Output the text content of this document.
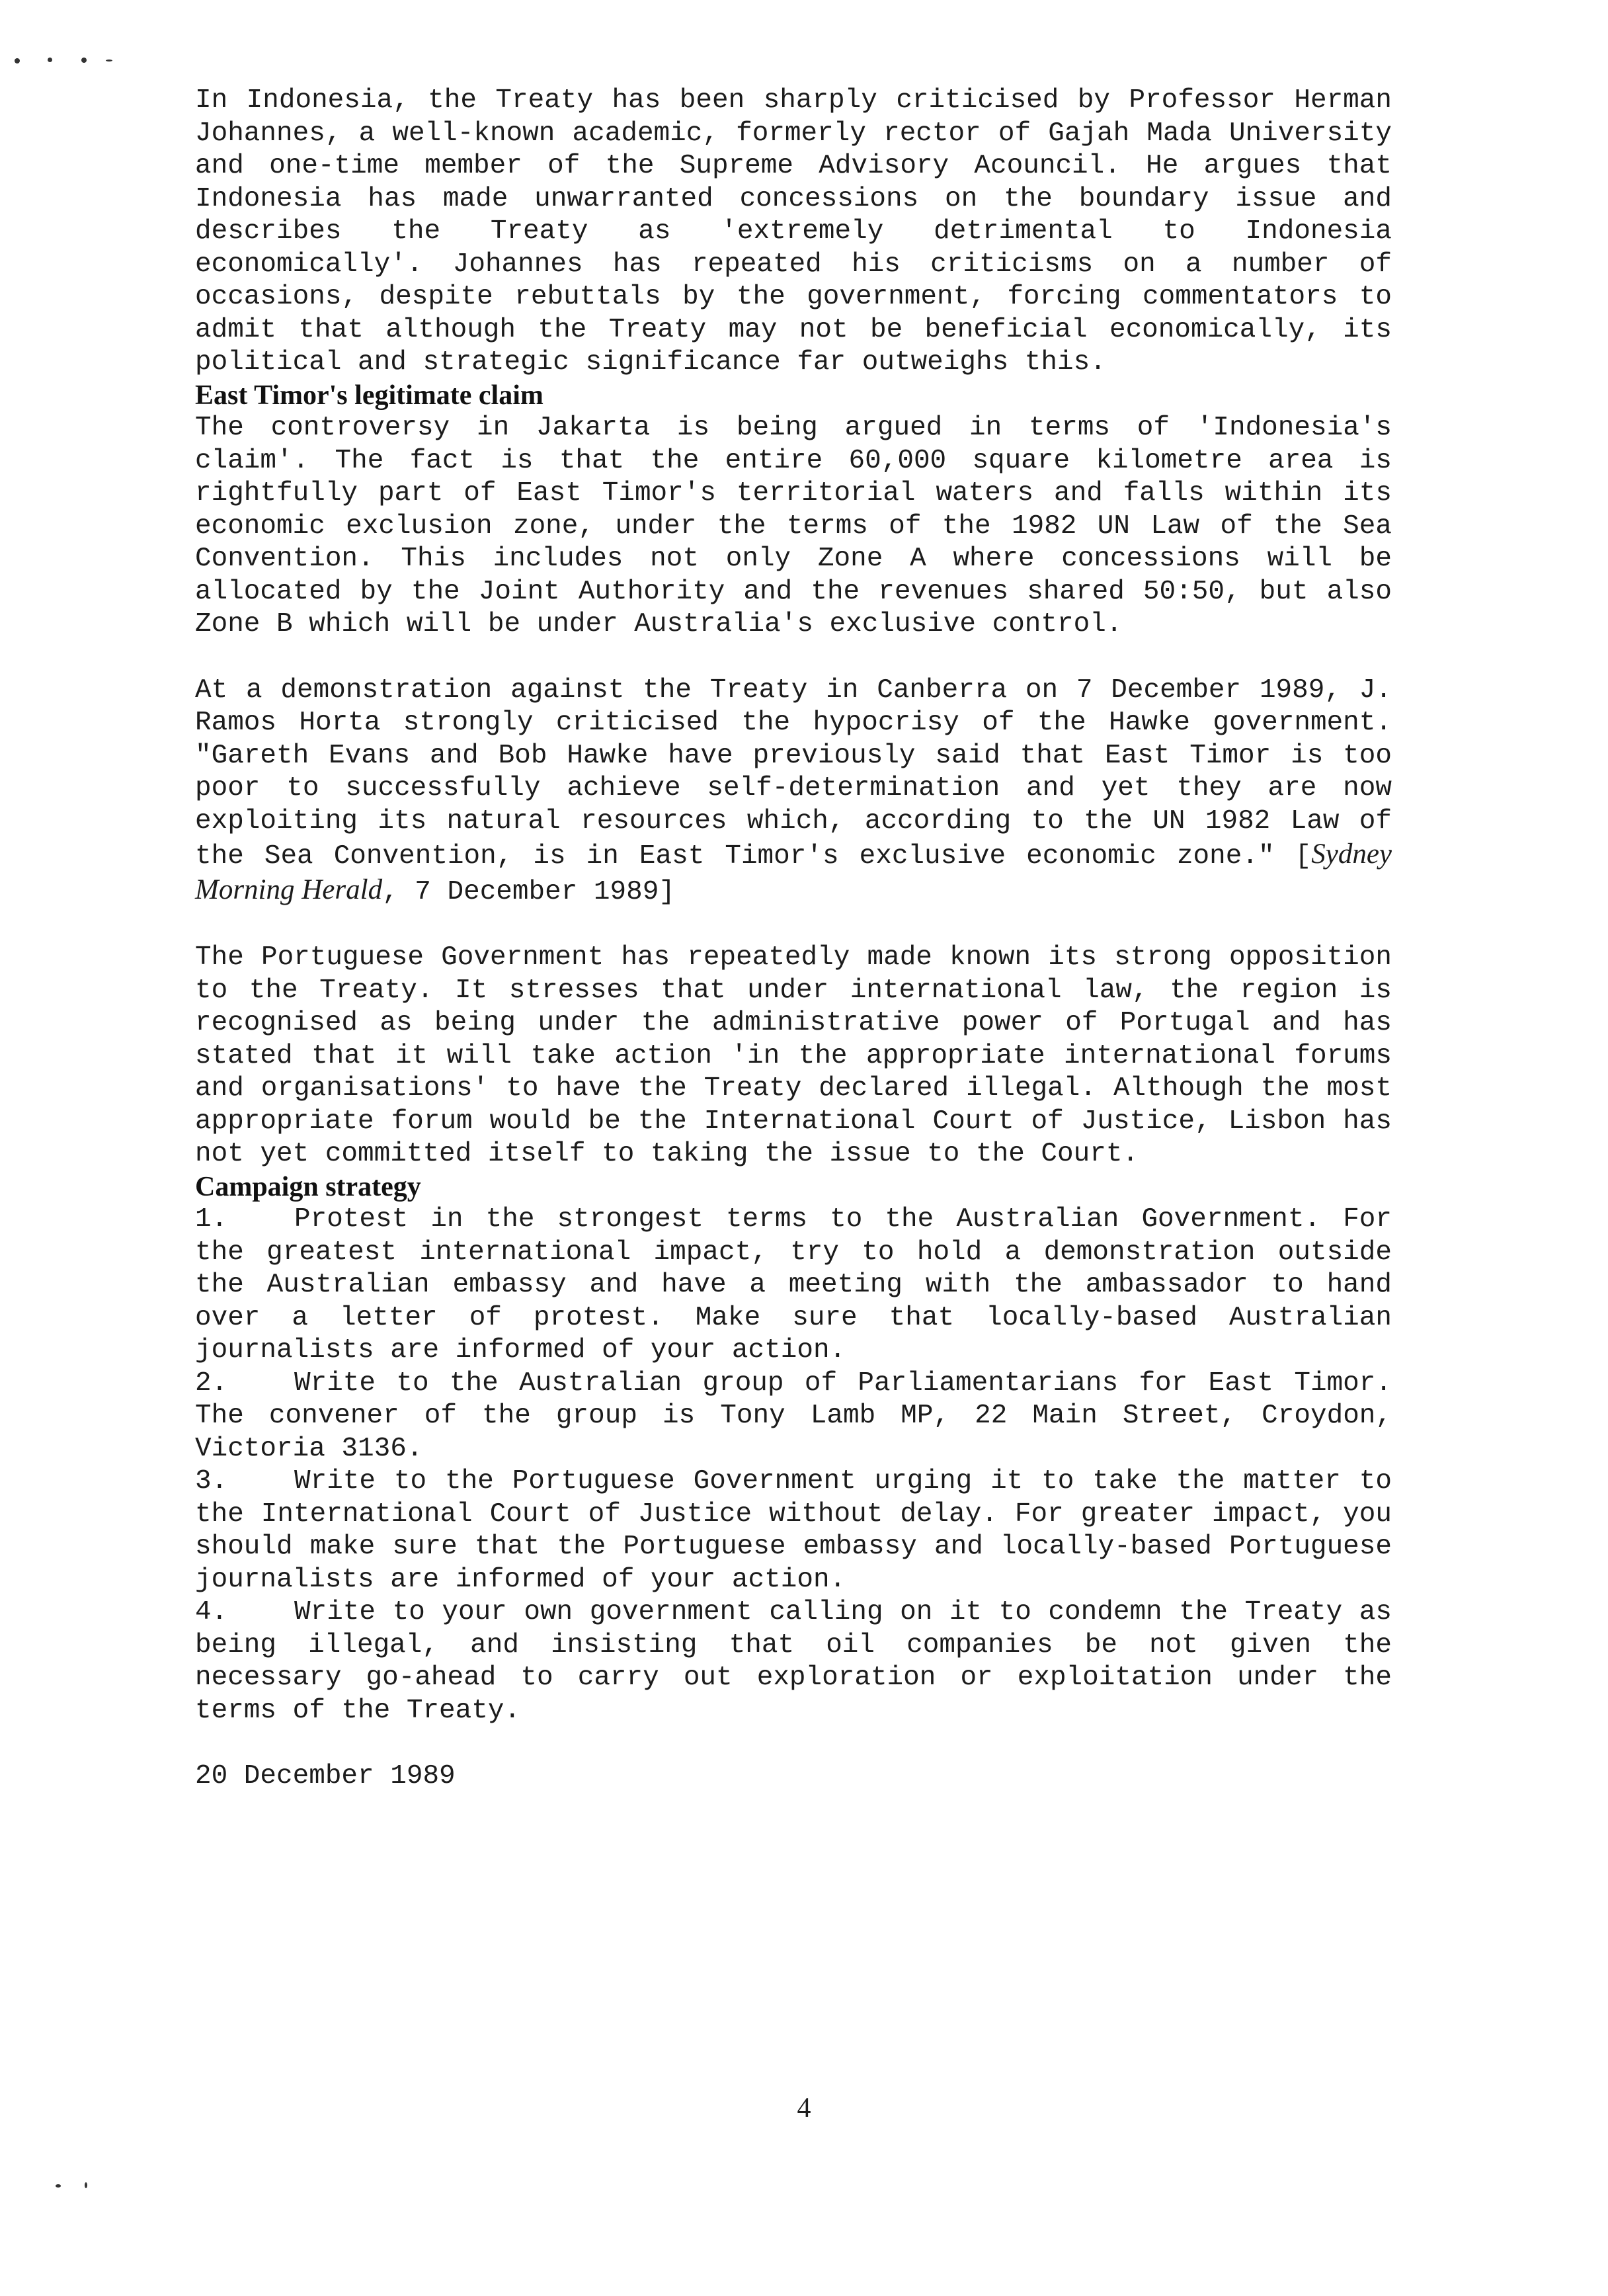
In Indonesia, the Treaty has been sharply criticised by Professor Herman Johannes, a well-known academic, formerly rector of Gajah Mada University and one-time member of the Supreme Advisory Acouncil. He argues that Indonesia has made unwarranted concessions on the boundary issue and describes the Treaty as 'extremely detrimental to Indonesia economically'. Johannes has repeated his criticisms on a number of occasions, despite rebuttals by the government, forcing commentators to admit that although the Treaty may not be beneficial economically, its political and strategic significance far outweighs this.

East Timor's legitimate claim

The controversy in Jakarta is being argued in terms of 'Indonesia's claim'. The fact is that the entire 60,000 square kilometre area is rightfully part of East Timor's territorial waters and falls within its economic exclusion zone, under the terms of the 1982 UN Law of the Sea Convention. This includes not only Zone A where concessions will be allocated by the Joint Authority and the revenues shared 50:50, but also Zone B which will be under Australia's exclusive control.

At a demonstration against the Treaty in Canberra on 7 December 1989, J. Ramos Horta strongly criticised the hypocrisy of the Hawke government. "Gareth Evans and Bob Hawke have previously said that East Timor is too poor to successfully achieve self-determination and yet they are now exploiting its natural resources which, according to the UN 1982 Law of the Sea Convention, is in East Timor's exclusive economic zone." [Sydney Morning Herald, 7 December 1989]

The Portuguese Government has repeatedly made known its strong opposition to the Treaty. It stresses that under international law, the region is recognised as being under the administrative power of Portugal and has stated that it will take action 'in the appropriate international forums and organisations' to have the Treaty declared illegal. Although the most appropriate forum would be the International Court of Justice, Lisbon has not yet committed itself to taking the issue to the Court.

Campaign strategy

1. Protest in the strongest terms to the Australian Government. For the greatest international impact, try to hold a demonstration outside the Australian embassy and have a meeting with the ambassador to hand over a letter of protest. Make sure that locally-based Australian journalists are informed of your action.

2. Write to the Australian group of Parliamentarians for East Timor. The convener of the group is Tony Lamb MP, 22 Main Street, Croydon, Victoria 3136.

3. Write to the Portuguese Government urging it to take the matter to the International Court of Justice without delay. For greater impact, you should make sure that the Portuguese embassy and locally-based Portuguese journalists are informed of your action.

4. Write to your own government calling on it to condemn the Treaty as being illegal, and insisting that oil companies be not given the necessary go-ahead to carry out exploration or exploitation under the terms of the Treaty.

20 December 1989

4
